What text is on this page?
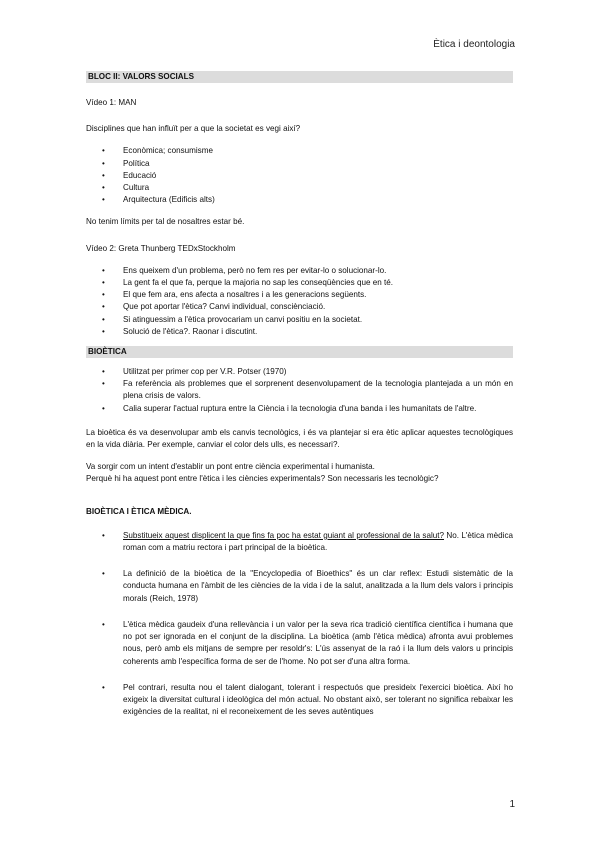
Ètica i deontologia
BLOC II: VALORS SOCIALS

Vídeo 1: MAN

Disciplines que han influït per a que la societat es vegi així?

• Econòmica; consumisme
• Política
• Educació
• Cultura
• Arquitectura (Edificis alts)

No tenim límits per tal de nosaltres estar bé.

Vídeo 2: Greta Thunberg TEDxStockholm

• Ens queixem d'un problema, però no fem res per evitar-lo o solucionar-lo.
• La gent fa el que fa, perque la majoria no sap les conseqüències que en té.
• El que fem ara, ens afecta a nosaltres i a les generacions següents.
• Que pot aportar l'ètica? Canvi individual, consciènciació.
• Si atinguessim a l'ètica provocariam un canvi positiu en la societat.
• Solució de l'ètica?. Raonar i discutint.
BIOÈTICA
• Utilitzat per primer cop per V.R. Potser (1970)
• Fa referència als problemes que el sorprenent desenvolupament de la tecnologia plantejada a un món en plena crisis de valors.
• Calia superar l'actual ruptura entre la Ciència i la tecnologia d'una banda i les humanitats de l'altre.

La bioètica és va desenvolupar amb els canvis tecnològics, i és va plantejar si era ètic aplicar aquestes tecnològiques en la vida diària. Per exemple, canviar el color dels ulls, es necessari?.

Va sorgir com un intent d'establir un pont entre ciència experimental i humanista.

Perquè hi ha aquest pont entre l'ètica i les ciències experimentals? Son necessaris les tecnològic?

BIOÈTICA I ÈTICA MÈDICA.

• Substitueix aquest displicent la que fins fa poc ha estat guiant al professional de la salut? No. L'ètica mèdica roman com a matriu rectora i part principal de la bioètica.
• La definició de la bioètica de la "Encyclopedia of Bioethics" és un clar reflex: Estudi sistemàtic de la conducta humana en l'àmbit de les ciències de la vida i de la salut, analitzada a la llum dels valors i principis morals (Reich, 1978)
• L'ètica mèdica gaudeix d'una rellevància i un valor per la seva rica tradició científica científica i humana que no pot ser ignorada en el conjunt de la disciplina. La bioètica (amb l'ètica mèdica) afronta avui problemes nous, però amb els mitjans de sempre per resoldr's: L'ús assenyat de la raó i la llum dels valors u principis coherents amb l'específica forma de ser de l'home. No pot ser d'una altra forma.
• Pel contrari, resulta nou el talent dialogant, tolerant i respectuós que presideix l'exercici bioètica. Així ho exigeix la diversitat cultural i ideològica del món actual. No obstant això, ser tolerant no significa rebaixar les exigències de la realitat, ni el reconeixement de les seves autèntiques
1
